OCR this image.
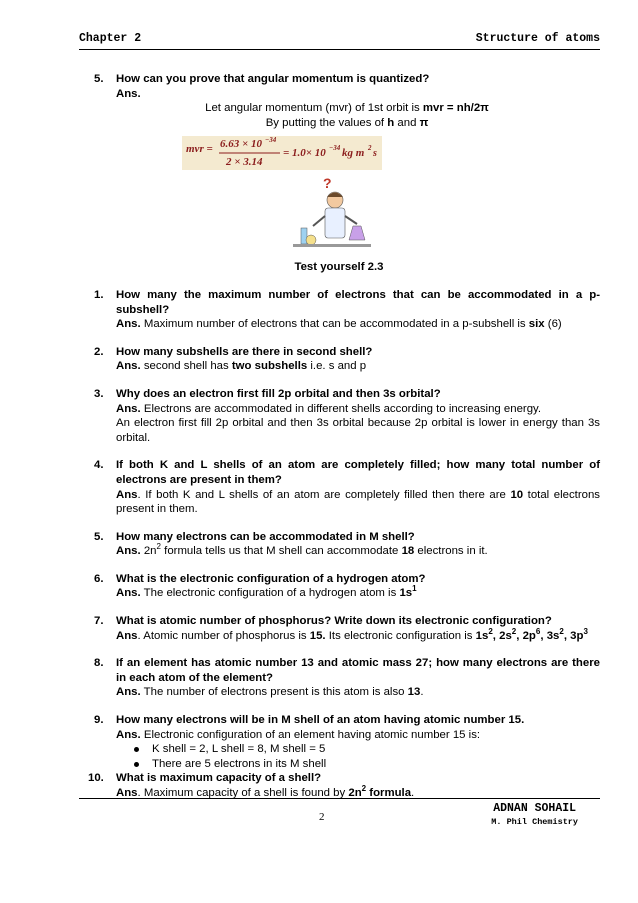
Chapter 2	Structure of atoms
5.	How can you prove that angular momentum is quantized?
Ans.
Let angular momentum (mvr) of 1st orbit is mvr = nh/2π
By putting the values of h and π
mvr = 6.63 × 10 −34
2 × 3.14
= 1.0× 10 −34 kg m 2 s
?
Test yourself 2.3
1.	How many the maximum number of electrons that can be accommodated in a p-subshell?
Ans. Maximum number of electrons that can be accommodated in a p-subshell is six (6)
2.	How many subshells are there in second shell?
Ans. second shell has two subshells i.e. s and p
3.	Why does an electron first fill 2p orbital and then 3s orbital?
Ans. Electrons are accommodated in different shells according to increasing energy.
An electron first fill 2p orbital and then 3s orbital because 2p orbital is lower in energy than 3s orbital.
4.	If both K and L shells of an atom are completely filled; how many total number of electrons are present in them?
Ans. If both K and L shells of an atom are completely filled then there are 10 total electrons present in them.
5.	How many electrons can be accommodated in M shell?
Ans. $2n^2$ formula tells us that M shell can accommodate 18 electrons in it.
6.	What is the electronic configuration of a hydrogen atom?
Ans. The electronic configuration of a hydrogen atom is $1s^1$
7.	What is atomic number of phosphorus? Write down its electronic configuration?
Ans. Atomic number of phosphorus is 15. Its electronic configuration is $1s^2$, $2s^2$, $2p^6$, $3s^2$, $3p^3$
8.	If an element has atomic number 13 and atomic mass 27; how many electrons are there in each atom of the element?
Ans. The number of electrons present is this atom is also 13.
9.	How many electrons will be in M shell of an atom having atomic number 15.
Ans. Electronic configuration of an element having atomic number 15 is:
K shell = 2, L shell = 8, M shell = 5
There are 5 electrons in its M shell
10.	What is maximum capacity of a shell?
Ans. Maximum capacity of a shell is found by $2n^2$ formula.
2
ADNAN SOHAIL
M. Phil Chemistry
